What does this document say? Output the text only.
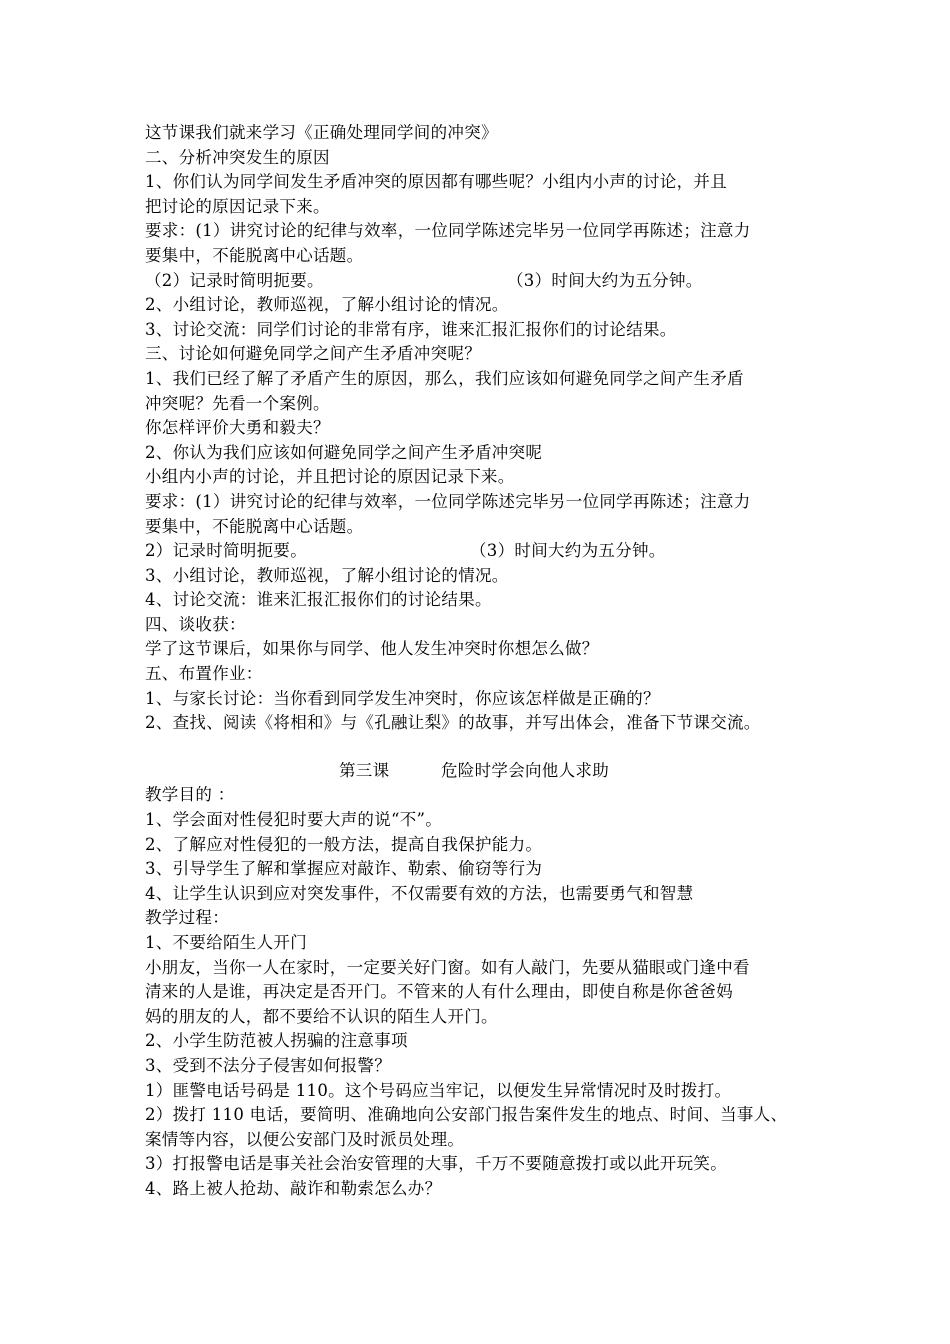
这节课我们就来学习《正确处理同学间的冲突》

二、分析冲突发生的原因

1、你们认为同学间发生矛盾冲突的原因都有哪些呢？小组内小声的讨论，并且

把讨论的原因记录下来。

要求：(1）讲究讨论的纪律与效率，一位同学陈述完毕另一位同学再陈述；注意力

要集中，不能脱离中心话题。

（2）记录时简明扼要。	（3）时间大约为五分钟。

2、小组讨论，教师巡视，了解小组讨论的情况。

3、讨论交流：同学们讨论的非常有序，谁来汇报汇报你们的讨论结果。

三、讨论如何避免同学之间产生矛盾冲突呢？

1、我们已经了解了矛盾产生的原因，那么，我们应该如何避免同学之间产生矛盾

冲突呢？先看一个案例。

你怎样评价大勇和毅夫？

2、你认为我们应该如何避免同学之间产生矛盾冲突呢

小组内小声的讨论，并且把讨论的原因记录下来。

要求：(1）讲究讨论的纪律与效率，一位同学陈述完毕另一位同学再陈述；注意力

要集中，不能脱离中心话题。

2）记录时简明扼要。	（3）时间大约为五分钟。

3、小组讨论，教师巡视，了解小组讨论的情况。

4、讨论交流：谁来汇报汇报你们的讨论结果。

四、谈收获：

学了这节课后，如果你与同学、他人发生冲突时你想怎么做？

五、布置作业：

1、与家长讨论：当你看到同学发生冲突时，你应该怎样做是正确的？

2、查找、阅读《将相和》与《孔融让梨》的故事，并写出体会，准备下节课交流。

第三课	危险时学会向他人求助

教学目的 ：

1、学会面对性侵犯时要大声的说“不”。

2、了解应对性侵犯的一般方法，提高自我保护能力。

3、引导学生了解和掌握应对敲诈、勒索、偷窃等行为

4、让学生认识到应对突发事件，不仅需要有效的方法，也需要勇气和智慧

教学过程：

1、不要给陌生人开门

小朋友，当你一人在家时，一定要关好门窗。如有人敲门，先要从猫眼或门逢中看

清来的人是谁，再决定是否开门。不管来的人有什么理由，即使自称是你爸爸妈

妈的朋友的人，都不要给不认识的陌生人开门。

2、小学生防范被人拐骗的注意事项

3、受到不法分子侵害如何报警？

1）匪警电话号码是 110。这个号码应当牢记，以便发生异常情况时及时拨打。

2）拨打 110 电话，要简明、准确地向公安部门报告案件发生的地点、时间、当事人、

案情等内容，以便公安部门及时派员处理。

3）打报警电话是事关社会治安管理的大事，千万不要随意拨打或以此开玩笑。

4、路上被人抢劫、敲诈和勒索怎么办？
